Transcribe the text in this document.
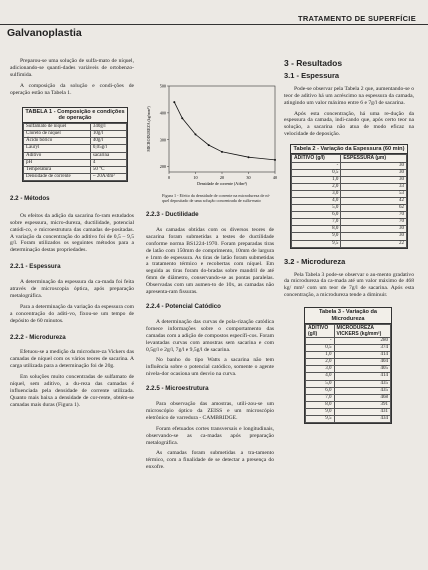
TRATAMENTO DE SUPERFÍCIE
Galvanoplastia

Preparou-se uma solução de sulfa-mato de níquel, adicionando-se quanti-dades variáveis de ortobenzo-sulfimida.

A composição da solução e condi-ções de operação estão na Tabela 1.

TABELA 1 - Composição e condições de operação
Sulfamato de níquel	340g/l
Cloreto de níquel	10g/l
Ácido bórico	40g/l
Lauryl	0,05g/l
Aditivo	sacarina
pH	4
Temperatura	50 °C
Densidade de corrente	~ 20A/dm²
2.2 - Métodos

Os efeitos da adição da sacarina fo-ram estudados sobre espessura, micro-dureza, ductilidade, potencial catódi-co, e microestrutura das camadas de-positadas. A variação da concentração do aditivo foi de 0,5 – 9,5 g/l. Foram utilizados os seguintes métodos para a determinação destas propriedades.

2.2.1 - Espessura

A determinação da espessura da ca-mada foi feita através de microscopia óptica, após preparação metalográfica.

Para a determinação da variação da espessura com a concentração do aditi-vo, fixou-se um tempo de depósito de 60 minutos.

2.2.2 - Microdureza

Efetuou-se a medição da microdure-za Vickers das camadas de níquel com os vários teores de sacarina. A carga utilizada para a determinação foi de 20g.

Em soluções muito concentradas de sulfamato de níquel, sem aditivo, a du-reza das camadas é influenciada pela densidade de corrente utilizada. Quanto mais baixa a densidade de cor-rente, obtém-se camadas mais duras (Figura 1).

0	10	20	30	40
200
300
400
500
Densidade de corrente (A/dm²)
MICRODUREZA (kg/mm²)
Figura 1 - Efeito da densidade de corrente na microdureza de ní-quel depositado de uma solução concentrada de sulfa-mato
2.2.3 - Ductilidade

As camadas obtidas com os diversos teores de sacarina foram submetidas a testes de ductilidade conforme norma BS1224-1970. Foram preparadas tiras de latão com 150mm de comprimento, 10mm de largura e 1mm de espessura. As tiras de latão foram submetidas a tratamento térmico e recobertas com níquel. Em seguida as tiras foram do-bradas sobre mandril de até 6mm de diâmetro, conservando-se as pontas paralelas. Observadas com um aumen-to de 10x, as camadas não apresenta-ram fissuras.

2.2.4 - Potencial Catódico

A determinação das curvas de pola-rização catódica fornece informações sobre o comportamento das camadas com a adição de compostos específi-cos. Foram levantadas curvas com amostras sem sacarina e com 0,5g/l e 2g/l, 7g/l e 9,5g/l de sacarina.

No banho do tipo Watts a sacarina não tem influência sobre o potencial catódico, somente o agente nivela-dor ocasiona um desvio na curva.

2.2.5 - Microestrutura

Para observação das amostras, utili-zou-se um microscópio óptico da ZEISS e um microscópio eletrônico de varredura - CAMBRIDGE.

Foram efetuados cortes transversais e longitudinais, observando-se as ca-madas após preparação metalográfica.

As camadas foram submetidas a tra-tamento térmico, com a finalidade de se detectar a presença do enxofre.

3 - Resultados
3.1 - Espessura

Pode-se observar pela Tabela 2 que, aumentando-se o teor de aditivo há um acréscimo na espessura da camada, atingindo um valor máximo entre 6 e 7g/l de sacarina.

Após esta concentração, há uma re-dução da espessura da camada, indi-cando que, após certo teor na solução, a sacarina não atua de modo eficaz na velocidade de deposição.

Tabela 2 - Variação da Espessura (60 min)
ADITIVO (g/l)	ESPESSURA (µm)
-	30
0,5	30
1,0	30
2,0	33
3,0	53
4,0	42
5,0	62
6,0	70
7,0	70
8,0	30
9,0	30
9,5	22
3.2 - Microdureza

Pela Tabela 3 pode-se observar o au-mento gradativo da microdureza da ca-mada até um valor máximo de 468 kg/ mm² com um teor de 7g/l de sacarina. Após esta concentração, a microdureza tende a diminuir.

Tabela 3 - Variação da Microdureza
ADITIVO (g/l)	MICRODUREZA VICKERS (kg/mm²)
-	280
0,5	374
1,0	414
2,0	404
3,0	405
4,0	414
5,0	435
6,0	435
7,0	468
8,0	391
9,0	431
9,5	434
